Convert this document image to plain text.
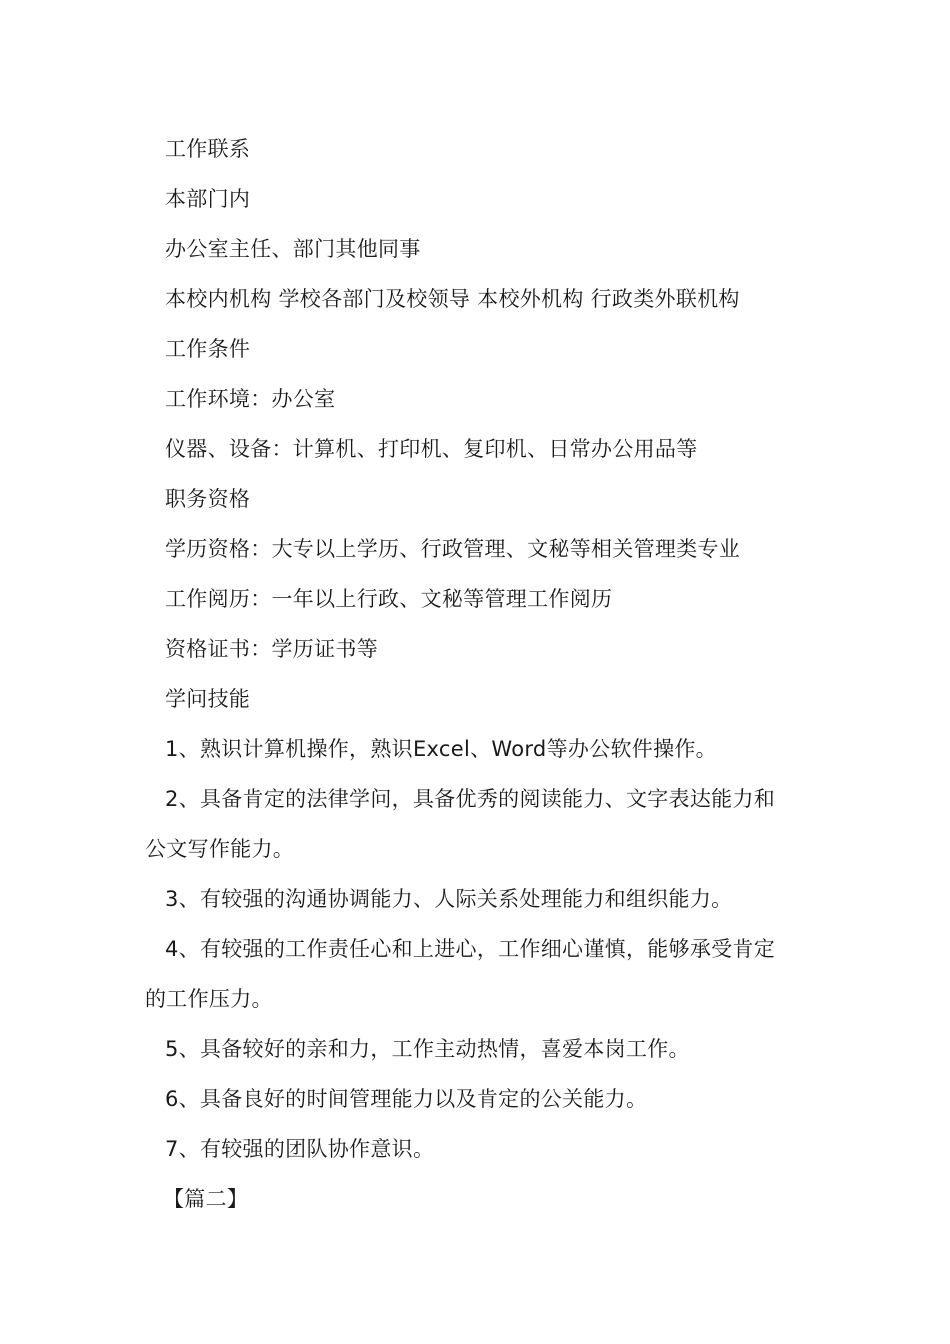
工作联系
本部门内
办公室主任、部门其他同事
本校内机构 学校各部门及校领导 本校外机构 行政类外联机构
工作条件
工作环境：办公室
仪器、设备：计算机、打印机、复印机、日常办公用品等
职务资格
学历资格：大专以上学历、行政管理、文秘等相关管理类专业
工作阅历：一年以上行政、文秘等管理工作阅历
资格证书：学历证书等
学问技能
1、熟识计算机操作，熟识Excel、Word等办公软件操作。
2、具备肯定的法律学问，具备优秀的阅读能力、文字表达能力和
公文写作能力。
3、有较强的沟通协调能力、人际关系处理能力和组织能力。
4、有较强的工作责任心和上进心，工作细心谨慎，能够承受肯定
的工作压力。
5、具备较好的亲和力，工作主动热情，喜爱本岗工作。
6、具备良好的时间管理能力以及肯定的公关能力。
7、有较强的团队协作意识。
【篇二】
